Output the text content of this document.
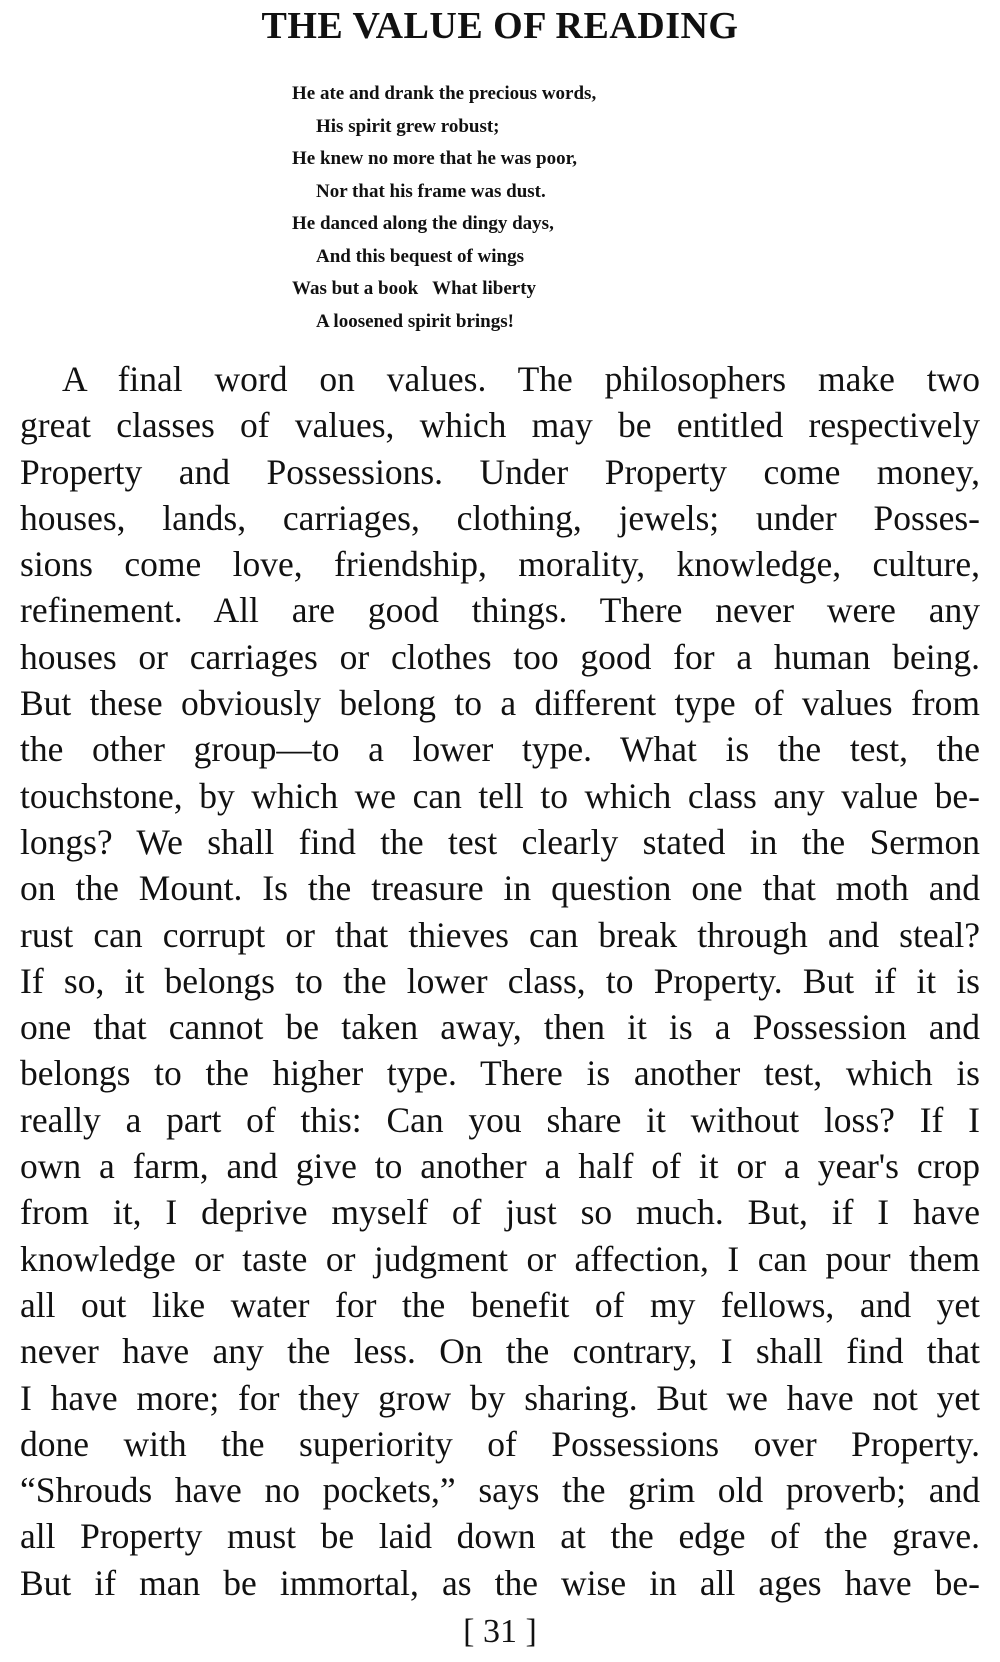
THE VALUE OF READING
He ate and drank the precious words,
His spirit grew robust;
He knew no more that he was poor,
Nor that his frame was dust.
He danced along the dingy days,
And this bequest of wings
Was but a book   What liberty
A loosened spirit brings!
A final word on values. The philosophers make two
great classes of values, which may be entitled respectively
Property and Possessions. Under Property come money,
houses, lands, carriages, clothing, jewels; under Posses-
sions come love, friendship, morality, knowledge, culture,
refinement. All are good things. There never were any
houses or carriages or clothes too good for a human being.
But these obviously belong to a different type of values from
the other group—to a lower type. What is the test, the
touchstone, by which we can tell to which class any value be-
longs? We shall find the test clearly stated in the Sermon
on the Mount. Is the treasure in question one that moth and
rust can corrupt or that thieves can break through and steal?
If so, it belongs to the lower class, to Property. But if it is
one that cannot be taken away, then it is a Possession and
belongs to the higher type. There is another test, which is
really a part of this: Can you share it without loss? If I
own a farm, and give to another a half of it or a year's crop
from it, I deprive myself of just so much. But, if I have
knowledge or taste or judgment or affection, I can pour them
all out like water for the benefit of my fellows, and yet
never have any the less. On the contrary, I shall find that
I have more; for they grow by sharing. But we have not yet
done with the superiority of Possessions over Property.
“Shrouds have no pockets,” says the grim old proverb; and
all Property must be laid down at the edge of the grave.
But if man be immortal, as the wise in all ages have be-
[ 31 ]
